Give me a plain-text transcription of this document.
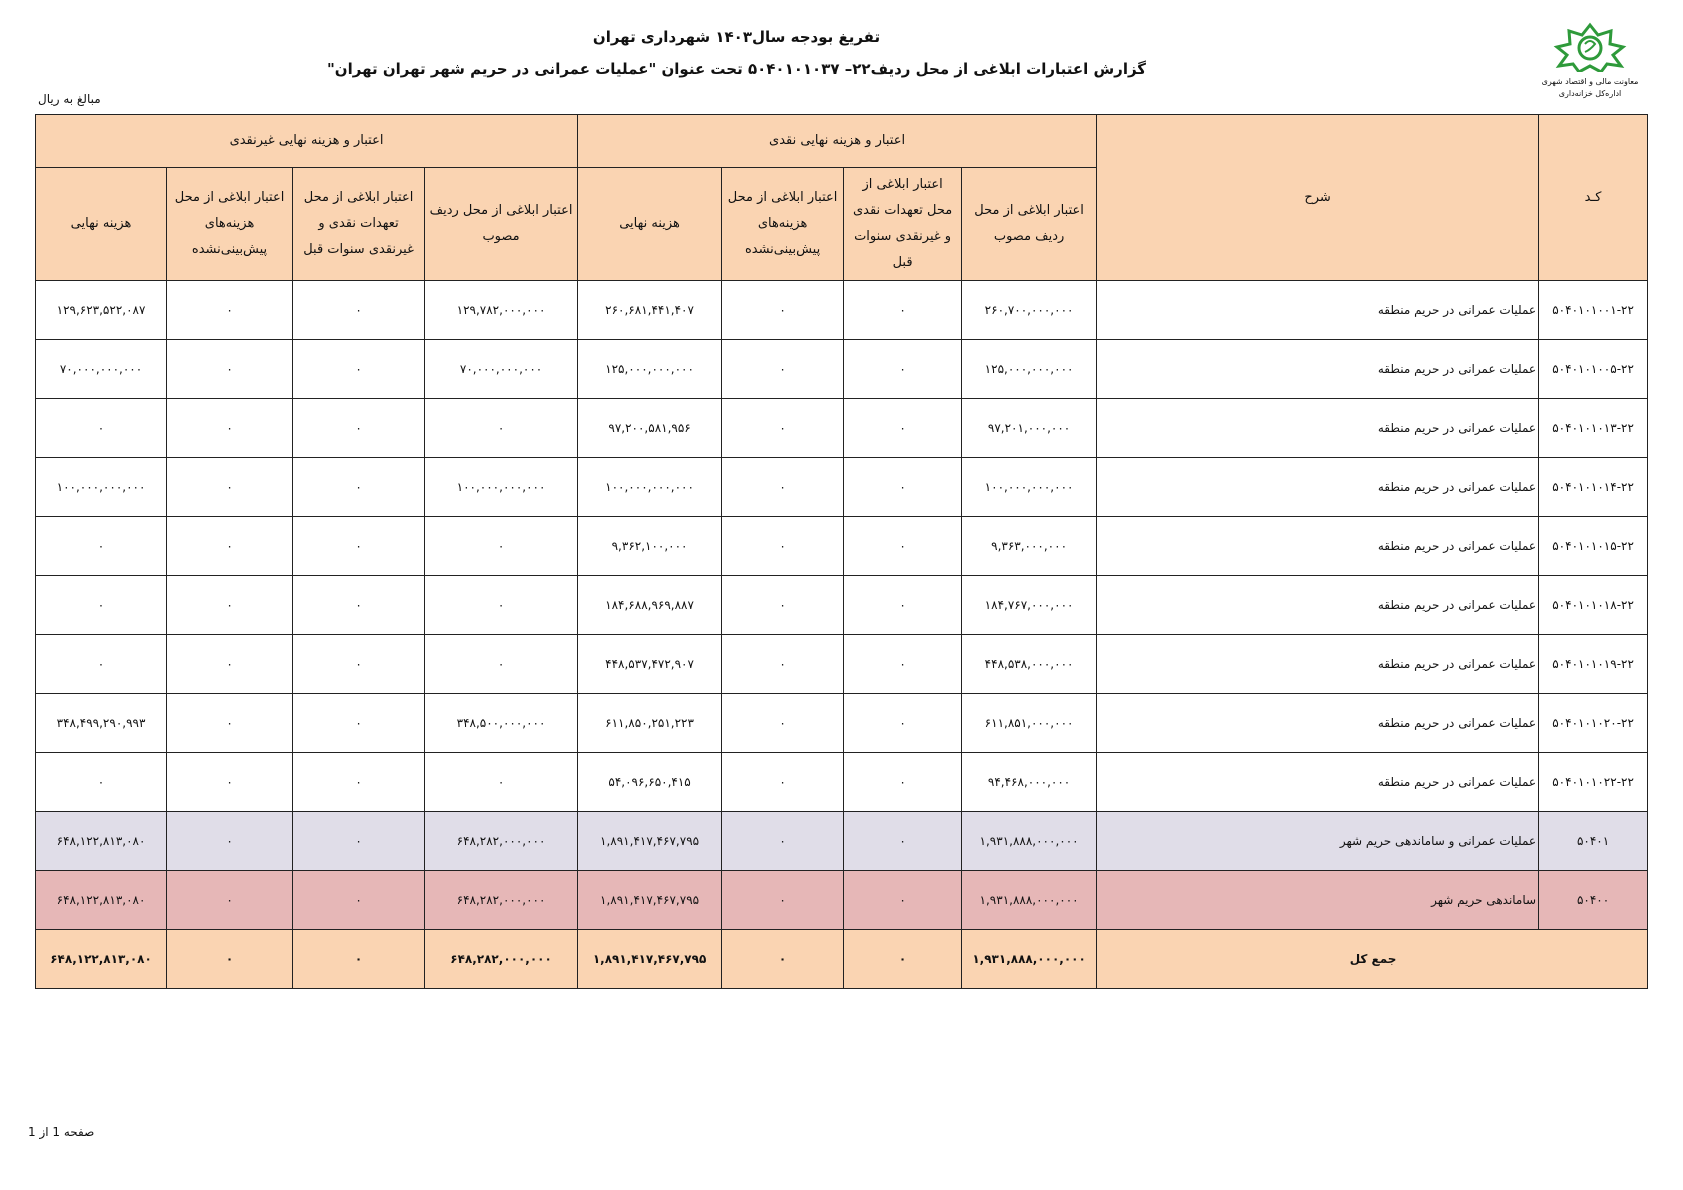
تفریغ بودجه سال۱۴۰۳ شهرداری تهران
گزارش اعتبارات ابلاغی از محل ردیف۲۲– ۵۰۴۰۱۰۱۰۳۷ تحت عنوان "عملیات عمرانی در حریم شهر تهران تهران"
مبالغ به ریال
معاونت مالی و اقتصاد شهری
اداره‌کل خزانه‌داری
کـد	شرح	اعتبار و هزینه نهایی نقدی				اعتبار و هزینه نهایی غیرنقدی			
		اعتبار ابلاغی از محل ردیف مصوب	اعتبار ابلاغی از محل تعهدات نقدی و غیرنقدی سنوات قبل	اعتبار ابلاغی از محل هزینه‌های پیش‌بینی‌نشده	هزینه نهایی	اعتبار ابلاغی از محل ردیف مصوب	اعتبار ابلاغی از محل تعهدات نقدی و غیرنقدی سنوات قبل	اعتبار ابلاغی از محل هزینه‌های پیش‌بینی‌نشده	هزینه نهایی
۵۰۴۰۱۰۱۰۰۱-۲۲	عملیات عمرانی در حریم منطقه	۲۶۰,۷۰۰,۰۰۰,۰۰۰	۰	۰	۲۶۰,۶۸۱,۴۴۱,۴۰۷	۱۲۹,۷۸۲,۰۰۰,۰۰۰	۰	۰	۱۲۹,۶۲۳,۵۲۲,۰۸۷
۵۰۴۰۱۰۱۰۰۵-۲۲	عملیات عمرانی در حریم منطقه	۱۲۵,۰۰۰,۰۰۰,۰۰۰	۰	۰	۱۲۵,۰۰۰,۰۰۰,۰۰۰	۷۰,۰۰۰,۰۰۰,۰۰۰	۰	۰	۷۰,۰۰۰,۰۰۰,۰۰۰
۵۰۴۰۱۰۱۰۱۳-۲۲	عملیات عمرانی در حریم منطقه	۹۷,۲۰۱,۰۰۰,۰۰۰	۰	۰	۹۷,۲۰۰,۵۸۱,۹۵۶	۰	۰	۰	۰
۵۰۴۰۱۰۱۰۱۴-۲۲	عملیات عمرانی در حریم منطقه	۱۰۰,۰۰۰,۰۰۰,۰۰۰	۰	۰	۱۰۰,۰۰۰,۰۰۰,۰۰۰	۱۰۰,۰۰۰,۰۰۰,۰۰۰	۰	۰	۱۰۰,۰۰۰,۰۰۰,۰۰۰
۵۰۴۰۱۰۱۰۱۵-۲۲	عملیات عمرانی در حریم منطقه	۹,۳۶۳,۰۰۰,۰۰۰	۰	۰	۹,۳۶۲,۱۰۰,۰۰۰	۰	۰	۰	۰
۵۰۴۰۱۰۱۰۱۸-۲۲	عملیات عمرانی در حریم منطقه	۱۸۴,۷۶۷,۰۰۰,۰۰۰	۰	۰	۱۸۴,۶۸۸,۹۶۹,۸۸۷	۰	۰	۰	۰
۵۰۴۰۱۰۱۰۱۹-۲۲	عملیات عمرانی در حریم منطقه	۴۴۸,۵۳۸,۰۰۰,۰۰۰	۰	۰	۴۴۸,۵۳۷,۴۷۲,۹۰۷	۰	۰	۰	۰
۵۰۴۰۱۰۱۰۲۰-۲۲	عملیات عمرانی در حریم منطقه	۶۱۱,۸۵۱,۰۰۰,۰۰۰	۰	۰	۶۱۱,۸۵۰,۲۵۱,۲۲۳	۳۴۸,۵۰۰,۰۰۰,۰۰۰	۰	۰	۳۴۸,۴۹۹,۲۹۰,۹۹۳
۵۰۴۰۱۰۱۰۲۲-۲۲	عملیات عمرانی در حریم منطقه	۹۴,۴۶۸,۰۰۰,۰۰۰	۰	۰	۵۴,۰۹۶,۶۵۰,۴۱۵	۰	۰	۰	۰
۵۰۴۰۱	عملیات عمرانی و ساماندهی حریم شهر	۱,۹۳۱,۸۸۸,۰۰۰,۰۰۰	۰	۰	۱,۸۹۱,۴۱۷,۴۶۷,۷۹۵	۶۴۸,۲۸۲,۰۰۰,۰۰۰	۰	۰	۶۴۸,۱۲۲,۸۱۳,۰۸۰
۵۰۴۰۰	ساماندهی حریم شهر	۱,۹۳۱,۸۸۸,۰۰۰,۰۰۰	۰	۰	۱,۸۹۱,۴۱۷,۴۶۷,۷۹۵	۶۴۸,۲۸۲,۰۰۰,۰۰۰	۰	۰	۶۴۸,۱۲۲,۸۱۳,۰۸۰
جمع کل		۱,۹۳۱,۸۸۸,۰۰۰,۰۰۰	۰	۰	۱,۸۹۱,۴۱۷,۴۶۷,۷۹۵	۶۴۸,۲۸۲,۰۰۰,۰۰۰	۰	۰	۶۴۸,۱۲۲,۸۱۳,۰۸۰
صفحه 1 از 1
